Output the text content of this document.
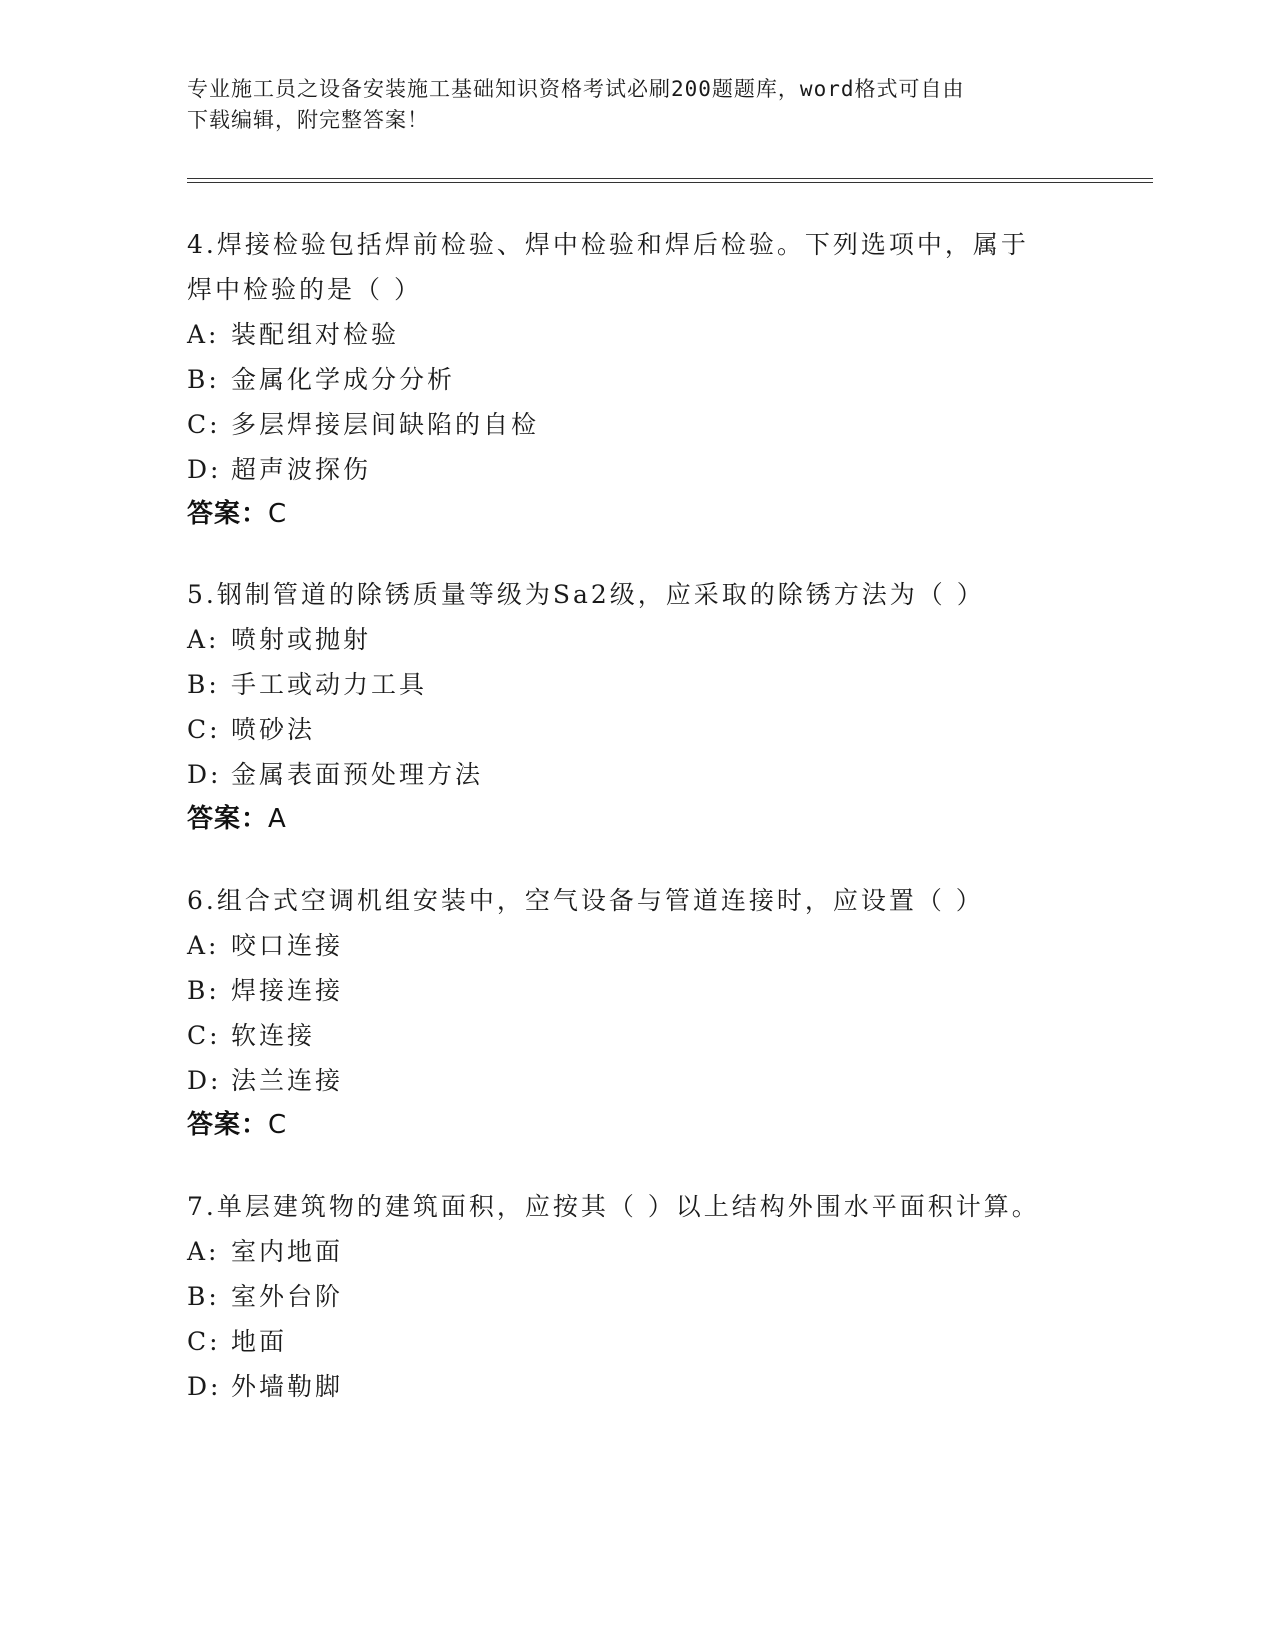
专业施工员之设备安装施工基础知识资格考试必刷200题题库，word格式可自由
下载编辑，附完整答案！
4.焊接检验包括焊前检验、焊中检验和焊后检验。下列选项中，属于
焊中检验的是（ ）
A: 装配组对检验
B: 金属化学成分分析
C: 多层焊接层间缺陷的自检
D: 超声波探伤
答案：C
5.钢制管道的除锈质量等级为Sa2级，应采取的除锈方法为（ ）
A: 喷射或抛射
B: 手工或动力工具
C: 喷砂法
D: 金属表面预处理方法
答案：A
6.组合式空调机组安装中，空气设备与管道连接时，应设置（ ）
A: 咬口连接
B: 焊接连接
C: 软连接
D: 法兰连接
答案：C
7.单层建筑物的建筑面积，应按其（ ）以上结构外围水平面积计算。
A: 室内地面
B: 室外台阶
C: 地面
D: 外墙勒脚
